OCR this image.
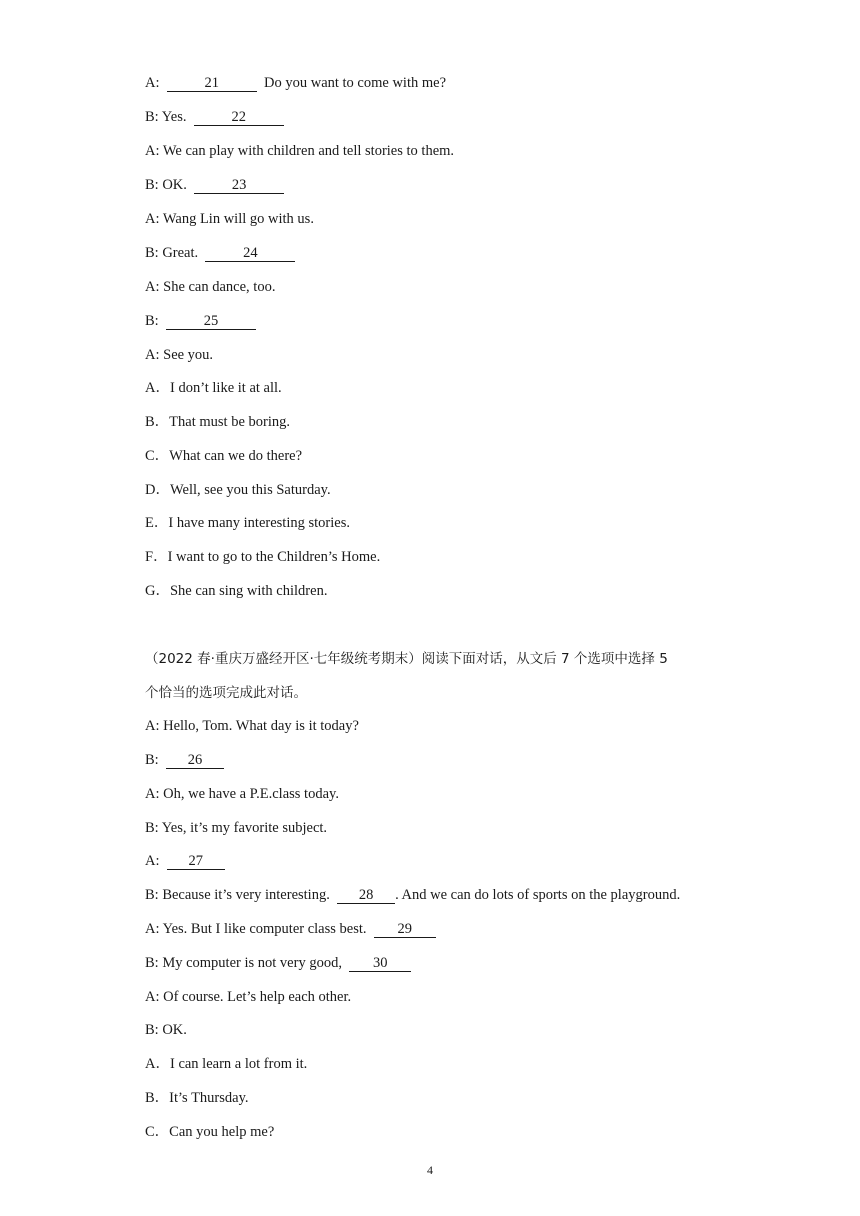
A:	21	Do you want to come with me?
B: Yes.	22
A: We can play with children and tell stories to them.
B: OK.	23
A: Wang Lin will go with us.
B: Great.	24
A: She can dance, too.
B:	25
A: See you.
A．I don’t like it at all.
B．That must be boring.
C．What can we do there?
D．Well, see you this Saturday.
E．I have many interesting stories.
F．I want to go to the Children’s Home.
G．She can sing with children.
（2022 春·重庆万盛经开区·七年级统考期末）阅读下面对话，从文后 7 个选项中选择 5
个恰当的选项完成此对话。
A: Hello, Tom. What day is it today?
B: 26
A: Oh, we have a P.E.class today.
B: Yes, it’s my favorite subject.
A: 27
B: Because it’s very interesting. 28 . And we can do lots of sports on the playground.
A: Yes. But I like computer class best. 29
B: My computer is not very good, 30
A: Of course. Let’s help each other.
B: OK.
A．I can learn a lot from it.
B．It’s Thursday.
C．Can you help me?
4
